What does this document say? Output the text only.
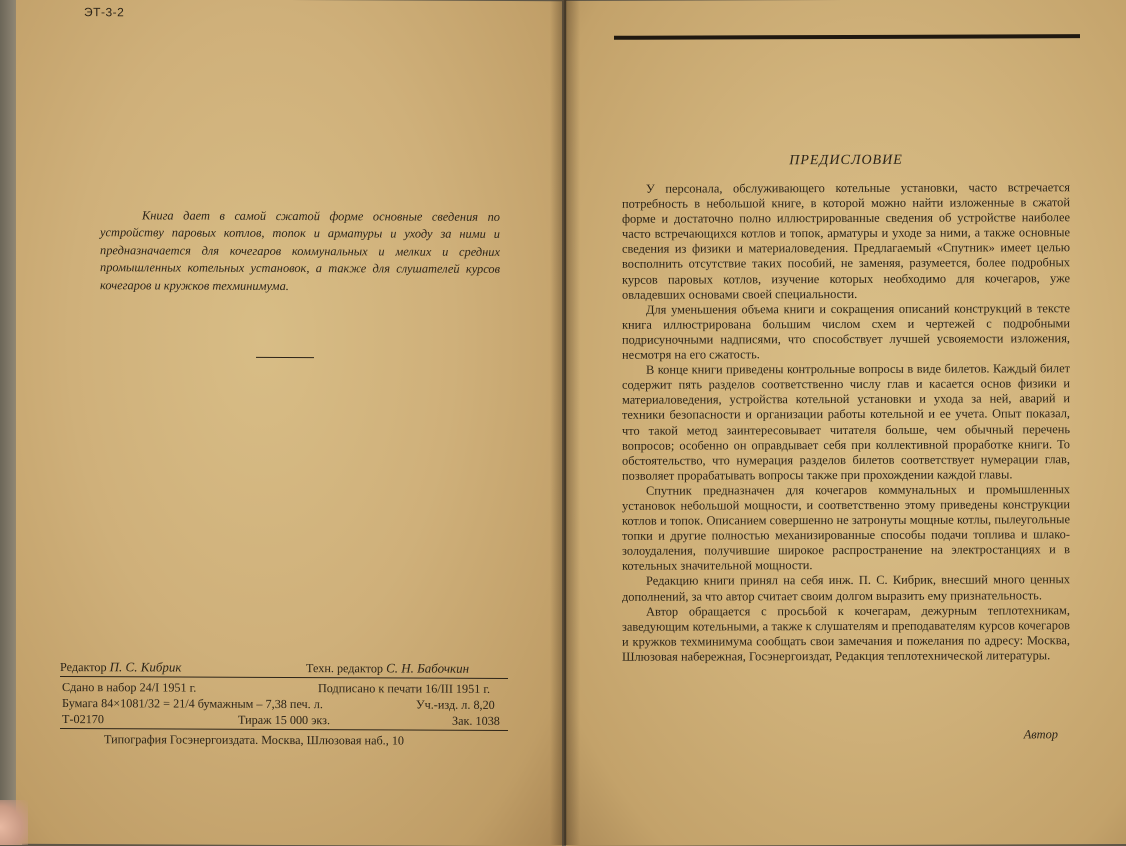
ЭТ-3-2

Книга дает в самой сжатой форме основные сведения по устройству паровых котлов, топок и арматуры и уходу за ними и предназначается для кочегаров коммунальных и мелких и средних промышленных котельных установок, а также для слушателей курсов кочегаров и кружков техминимума.

Редактор П. С. Кибрик	Техн. редактор С. Н. Бабочкин
Сдано в набор 24/I 1951 г.	Подписано к печати 16/III 1951 г.
Бумага 84×1081/32 = 21/4 бумажным – 7,38 печ. л.	Уч.-изд. л. 8,20
Т-02170	Тираж 15 000 экз.	Зак. 1038
Типография Госэнергоиздата. Москва, Шлюзовая наб., 10
ПРЕДИСЛОВИЕ

У персонала, обслуживающего котельные установки, часто встречается потребность в небольшой книге, в которой можно найти изложенные в сжатой форме и достаточно полно иллюстрированные сведения об устройстве наиболее часто встречающихся котлов и топок, арматуры и уходе за ними, а также основные сведения из физики и материаловедения. Предлагаемый «Спутник» имеет целью восполнить отсутствие таких пособий, не заменяя, разумеется, более подробных курсов паровых котлов, изучение которых необходимо для кочегаров, уже овладевших основами своей специальности.

Для уменьшения объема книги и сокращения описаний конструкций в тексте книга иллюстрирована большим числом схем и чертежей с подробными подрисуночными надписями, что способствует лучшей усвояемости изложения, несмотря на его сжатость.

В конце книги приведены контрольные вопросы в виде билетов. Каждый билет содержит пять разделов соответственно числу глав и касается основ физики и материаловедения, устройства котельной установки и ухода за ней, аварий и техники безопасности и организации работы котельной и ее учета. Опыт показал, что такой метод заинтересовывает читателя больше, чем обычный перечень вопросов; особенно он оправдывает себя при коллективной проработке книги. То обстоятельство, что нумерация разделов билетов соответствует нумерации глав, позволяет прорабатывать вопросы также при прохождении каждой главы.

Спутник предназначен для кочегаров коммунальных и промышленных установок небольшой мощности, и соответственно этому приведены конструкции котлов и топок. Описанием совершенно не затронуты мощные котлы, пылеугольные топки и другие полностью механизированные способы подачи топлива и шлако-золоудаления, получившие широкое распространение на электростанциях и в котельных значительной мощности.

Редакцию книги принял на себя инж. П. С. Кибрик, внесший много ценных дополнений, за что автор считает своим долгом выразить ему признательность.

Автор обращается с просьбой к кочегарам, дежурным теплотехникам, заведующим котельными, а также к слушателям и преподавателям курсов кочегаров и кружков техминимума сообщать свои замечания и пожелания по адресу: Москва, Шлюзовая набережная, Госэнергоиздат, Редакция теплотехнической литературы.

Автор
